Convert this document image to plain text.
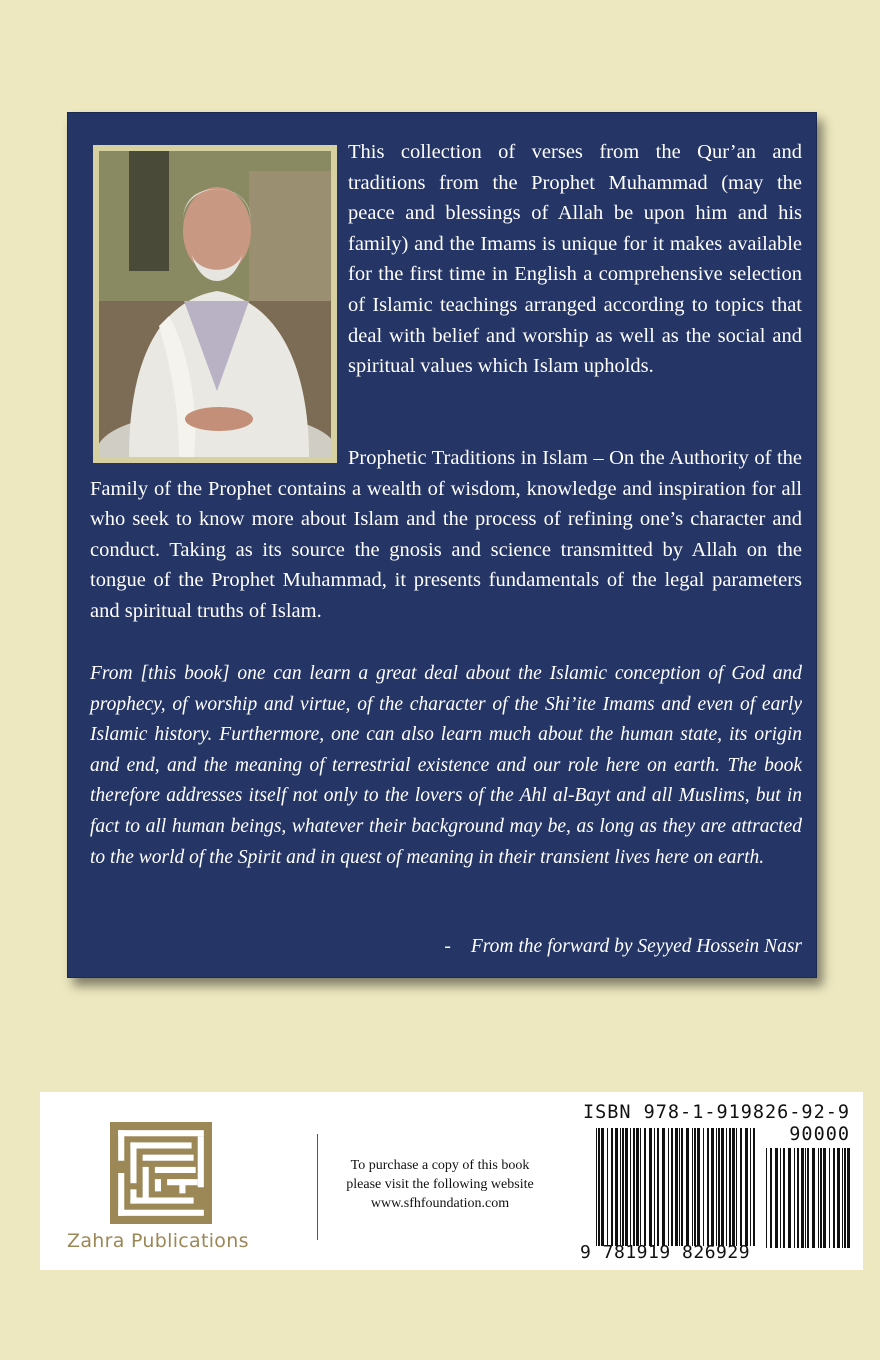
This collection of verses from the Qur’an and traditions from the Prophet Muhammad (may the peace and blessings of Allah be upon him and his family) and the Imams is unique for it makes available for the first time in English a comprehensive selection of Islamic teachings arranged according to topics that deal with belief and worship as well as the social and spiritual values which Islam upholds.

Prophetic Traditions in Islam – On the Authority of the Family of the Prophet contains a wealth of wisdom, knowledge and inspiration for all who seek to know more about Islam and the process of refining one’s character and conduct. Taking as its source the gnosis and science transmitted by Allah on the tongue of the Prophet Muhammad, it presents fundamentals of the legal parameters and spiritual truths of Islam.

From [this book] one can learn a great deal about the Islamic conception of God and prophecy, of worship and virtue, of the character of the Shi’ite Imams and even of early Islamic history. Furthermore, one can also learn much about the human state, its origin and end, and the meaning of terrestrial existence and our role here on earth. The book therefore addresses itself not only to the lovers of the Ahl al-Bayt and all Muslims, but in fact to all human beings, whatever their background may be, as long as they are attracted to the world of the Spirit and in quest of meaning in their transient lives here on earth.

- From the forward by Seyyed Hossein Nasr

Zahra Publications
To purchase a copy of this book
please visit the following website
www.sfhfoundation.com
ISBN 978-1-919826-92-9
90000
9 781919 826929
